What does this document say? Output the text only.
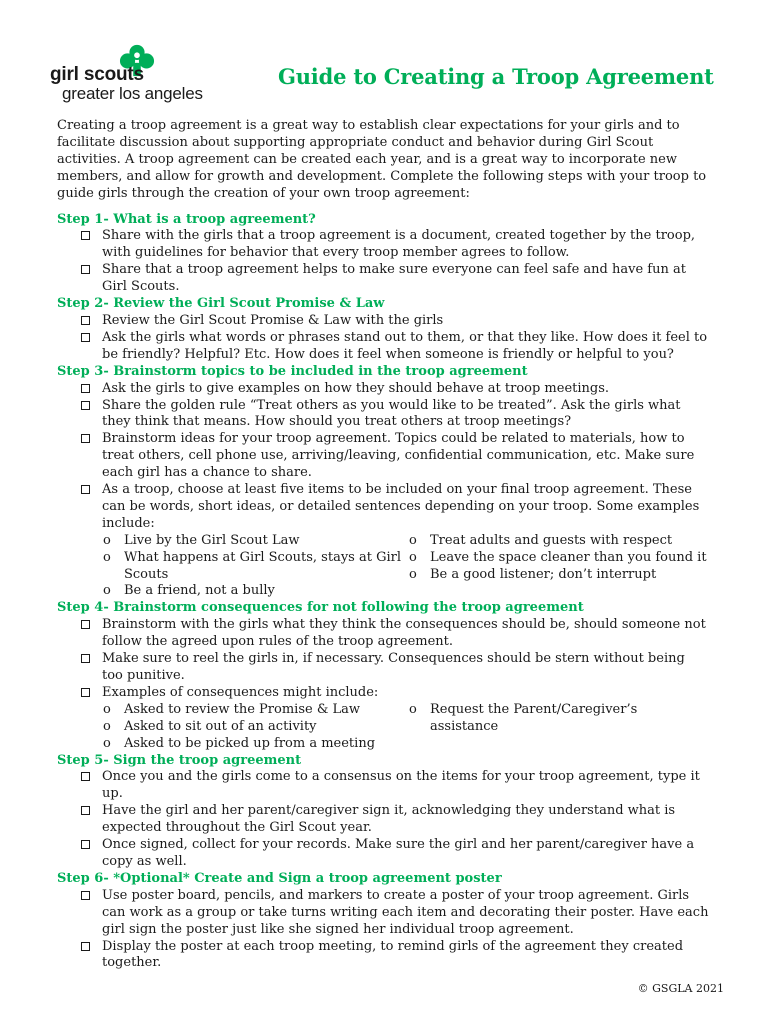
girl scouts
greater los angeles
Guide to Creating a Troop Agreement

Creating a troop agreement is a great way to establish clear expectations for your girls and to facilitate discussion about supporting appropriate conduct and behavior during Girl Scout activities. A troop agreement can be created each year, and is a great way to incorporate new members, and allow for growth and development. Complete the following steps with your troop to guide girls through the creation of your own troop agreement:

Step 1- What is a troop agreement?

Share with the girls that a troop agreement is a document, created together by the troop, with guidelines for behavior that every troop member agrees to follow.
Share that a troop agreement helps to make sure everyone can feel safe and have fun at Girl Scouts.

Step 2- Review the Girl Scout Promise & Law

Review the Girl Scout Promise & Law with the girls
Ask the girls what words or phrases stand out to them, or that they like. How does it feel to be friendly? Helpful? Etc. How does it feel when someone is friendly or helpful to you?

Step 3- Brainstorm topics to be included in the troop agreement

Ask the girls to give examples on how they should behave at troop meetings.
Share the golden rule “Treat others as you would like to be treated”. Ask the girls what they think that means. How should you treat others at troop meetings?
Brainstorm ideas for your troop agreement. Topics could be related to materials, how to treat others, cell phone use, arriving/leaving, confidential communication, etc. Make sure each girl has a chance to share.
As a troop, choose at least five items to be included on your final troop agreement. These can be words, short ideas, or detailed sentences depending on your troop. Some examples include:
o Live by the Girl Scout Law
o What happens at Girl Scouts, stays at Girl Scouts
o Be a friend, not a bully
o Treat adults and guests with respect
o Leave the space cleaner than you found it
o Be a good listener; don’t interrupt

Step 4- Brainstorm consequences for not following the troop agreement

Brainstorm with the girls what they think the consequences should be, should someone not follow the agreed upon rules of the troop agreement.
Make sure to reel the girls in, if necessary. Consequences should be stern without being too punitive.
Examples of consequences might include:
o Asked to review the Promise & Law
o Asked to sit out of an activity
o Asked to be picked up from a meeting
o Request the Parent/Caregiver’s assistance

Step 5- Sign the troop agreement

Once you and the girls come to a consensus on the items for your troop agreement, type it up.
Have the girl and her parent/caregiver sign it, acknowledging they understand what is expected throughout the Girl Scout year.
Once signed, collect for your records. Make sure the girl and her parent/caregiver have a copy as well.

Step 6- *Optional* Create and Sign a troop agreement poster

Use poster board, pencils, and markers to create a poster of your troop agreement. Girls can work as a group or take turns writing each item and decorating their poster. Have each girl sign the poster just like she signed her individual troop agreement.
Display the poster at each troop meeting, to remind girls of the agreement they created together.
© GSGLA 2021
